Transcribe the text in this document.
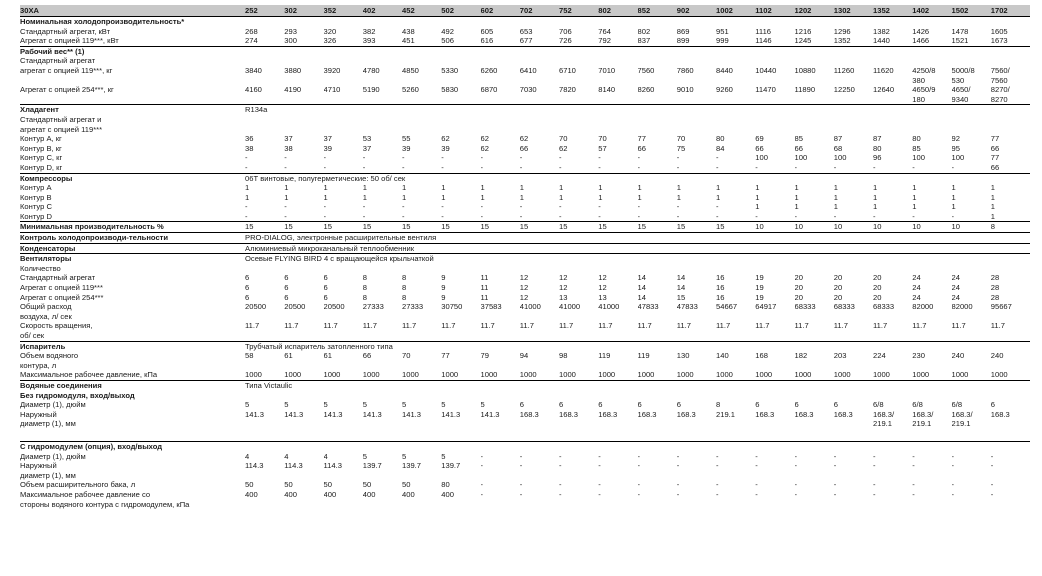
30XA	252	302	352	402	452	502	602	702	752	802	852	902	1002	1102	1202	1302	1352	1402	1502	1702
Номинальная холодопроизводительность*																				
Стандартный агрегат, кВт	268	293	320	382	438	492	605	653	706	764	802	869	951	1116	1216	1296	1382	1426	1478	1605
Агрегат с опцией 119***, кВт	274	300	326	393	451	506	616	677	726	792	837	899	999	1146	1245	1352	1440	1466	1521	1673
Рабочий вес** (1)																				
Стандартный агрегат																				
агрегат с опцией 119***, кг	3840	3880	3920	4780	4850	5330	6260	6410	6710	7010	7560	7860	8440	10440	10880	11260	11620	4250/8	5000/8	7560/
																		380	530	7560
Агрегат с опцией 254***, кг	4160	4190	4710	5190	5260	5830	6870	7030	7820	8140	8260	9010	9260	11470	11890	12250	12640	4650/9	4650/	8270/
																		180	9340	8270
Хладагент	R134a																			
Стандартный агрегат и																				
агрегат с опцией 119***																				
Контур А, кг	36	37	37	53	55	62	62	62	70	70	77	70	80	69	85	87	87	80	92	77
Контур В, кг	38	38	39	37	39	39	62	66	62	57	66	75	84	66	66	68	80	85	95	66
Контур С, кг	-	-	-	-	-	-	-	-	-	-	-	-	-	100	100	100	96	100	100	77
Контур D, кг	-	-	-	-	-	-	-	-	-	-	-	-	-	-	-	-	-	-	-	66
Компрессоры	06Т винтовые, полугерметические: 50 об/ сек																			
Контур А	1	1	1	1	1	1	1	1	1	1	1	1	1	1	1	1	1	1	1	1
Контур В	1	1	1	1	1	1	1	1	1	1	1	1	1	1	1	1	1	1	1	1
Контур С	-	-	-	-	-	-	-	-	-	-	-	-	-	1	1	1	1	1	1	1
Контур D	-	-	-	-	-	-	-	-	-	-	-	-	-	-	-	-	-	-	-	1
Минимальная производительность %	15	15	15	15	15	15	15	15	15	15	15	15	15	10	10	10	10	10	10	8
Контроль холодопроизводи-тельности	PRO-DIALOG, электронные расширительные вентиля																			
Конденсаторы	Алюминиевый микроканальный теплообменник																			
Вентиляторы	Осевые FLYING BIRD 4 с вращающейся крыльчаткой																			
Количество																				
Стандартный агрегат	6	6	6	8	8	9	11	12	12	12	14	14	16	19	20	20	20	24	24	28
Агрегат с опцией 119***	6	6	6	8	8	9	11	12	12	12	14	14	16	19	20	20	20	24	24	28
Агрегат с опцией 254***	6	6	6	8	8	9	11	12	13	13	14	15	16	19	20	20	20	24	24	28
Общий расход	20500	20500	20500	27333	27333	30750	37583	41000	41000	41000	47833	47833	54667	64917	68333	68333	68333	82000	82000	95667
воздуха, л/ сек																				
Скорость вращения,	11.7	11.7	11.7	11.7	11.7	11.7	11.7	11.7	11.7	11.7	11.7	11.7	11.7	11.7	11.7	11.7	11.7	11.7	11.7	11.7
об/ сек																				
Испаритель	Трубчатый испаритель затопленного типа																			
Объем водяного	58	61	61	66	70	77	79	94	98	119	119	130	140	168	182	203	224	230	240	240
контура, л																				
Максимальное рабочее давление, кПа	1000	1000	1000	1000	1000	1000	1000	1000	1000	1000	1000	1000	1000	1000	1000	1000	1000	1000	1000	1000
Водяные соединения	Типа Victaulic																			
Без гидромодуля, вход/выход																				
Диаметр (1), дюйм	5	5	5	5	5	5	5	6	6	6	6	6	8	6	6	6	6/8	6/8	6/8	6
Наружный	141.3	141.3	141.3	141.3	141.3	141.3	141.3	168.3	168.3	168.3	168.3	168.3	219.1	168.3	168.3	168.3	168.3/	168.3/	168.3/	168.3
диаметр (1), мм																	219.1	219.1	219.1	

С гидромодулем (опция), вход/выход																				
Диаметр (1), дюйм	4	4	4	5	5	5	-	-	-	-	-	-	-	-	-	-	-	-	-	-
Наружный	114.3	114.3	114.3	139.7	139.7	139.7	-	-	-	-	-	-	-	-	-	-	-	-	-	-
диаметр (1), мм																				
Объем расширительного бака, л	50	50	50	50	50	80	-	-	-	-	-	-	-	-	-	-	-	-	-	-
Максимальное рабочее давление со	400	400	400	400	400	400	-	-	-	-	-	-	-	-	-	-	-	-	-	-
стороны водяного контура с гидромодулем, кПа																				
